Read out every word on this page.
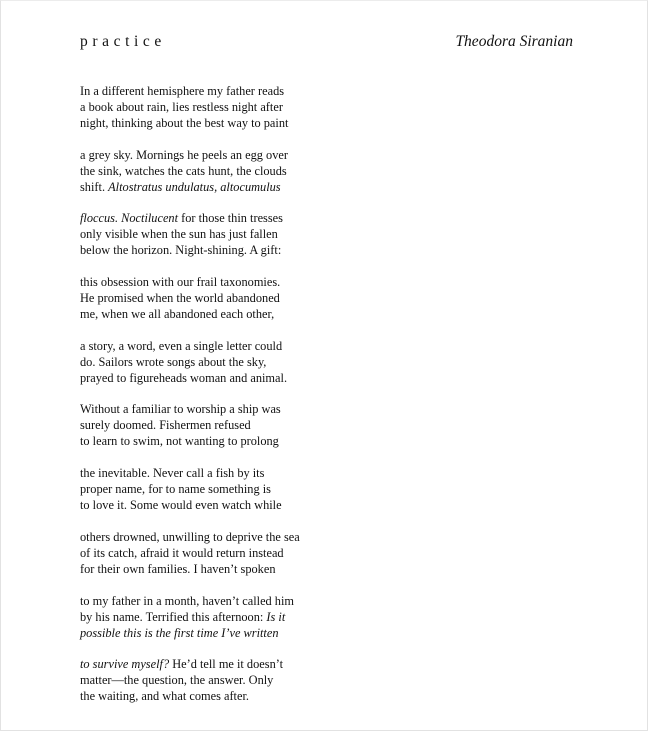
practice	Theodora Siranian

In a different hemisphere my father reads
a book about rain, lies restless night after
night, thinking about the best way to paint

a grey sky. Mornings he peels an egg over
the sink, watches the cats hunt, the clouds
shift. Altostratus undulatus, altocumulus

floccus. Noctilucent for those thin tresses
only visible when the sun has just fallen
below the horizon. Night-shining. A gift:

this obsession with our frail taxonomies.
He promised when the world abandoned
me, when we all abandoned each other,

a story, a word, even a single letter could
do. Sailors wrote songs about the sky,
prayed to figureheads woman and animal.

Without a familiar to worship a ship was
surely doomed. Fishermen refused
to learn to swim, not wanting to prolong

the inevitable. Never call a fish by its
proper name, for to name something is
to love it. Some would even watch while

others drowned, unwilling to deprive the sea
of its catch, afraid it would return instead
for their own families. I haven’t spoken

to my father in a month, haven’t called him
by his name. Terrified this afternoon: Is it
possible this is the first time I’ve written

to survive myself? He’d tell me it doesn’t
matter—the question, the answer. Only
the waiting, and what comes after.
